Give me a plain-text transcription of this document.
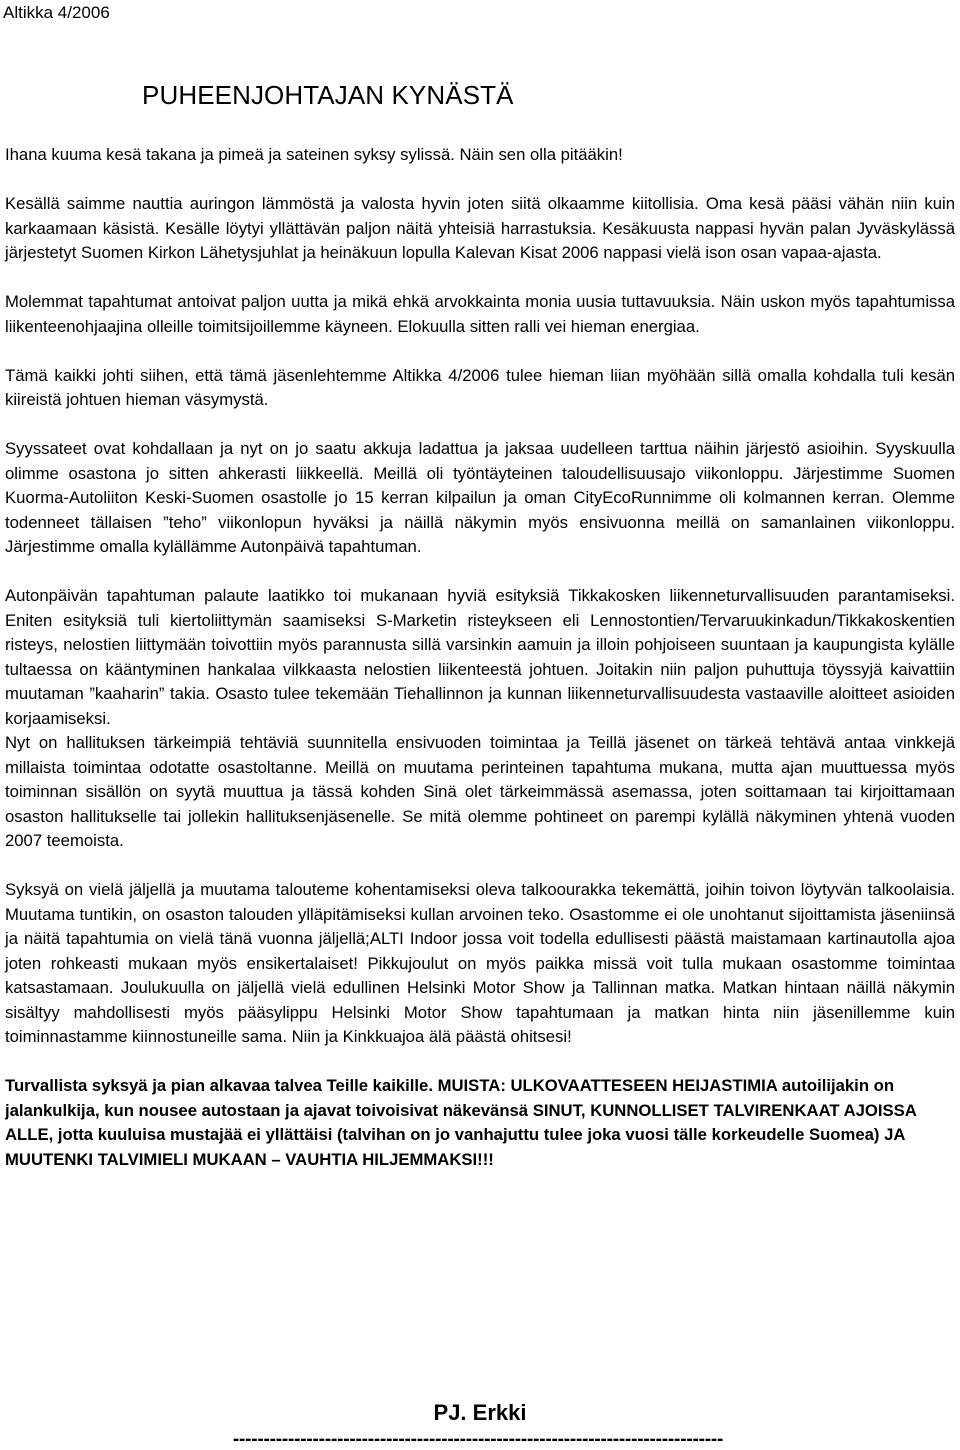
Altikka 4/2006
PUHEENJOHTAJAN KYNÄSTÄ

Ihana kuuma kesä takana ja pimeä ja sateinen syksy sylissä. Näin sen olla pitääkin!

Kesällä saimme nauttia auringon lämmöstä ja valosta hyvin joten siitä olkaamme kiitollisia. Oma kesä pääsi vähän niin kuin karkaamaan käsistä. Kesälle löytyi yllättävän paljon näitä yhteisiä harrastuksia. Kesäkuusta nappasi hyvän palan Jyväskylässä järjestetyt Suomen Kirkon Lähetysjuhlat ja heinäkuun lopulla Kalevan Kisat 2006 nappasi vielä ison osan vapaa-ajasta.

Molemmat tapahtumat antoivat paljon uutta ja mikä ehkä arvokkainta monia uusia tuttavuuksia. Näin uskon myös tapahtumissa liikenteenohjaajina olleille toimitsijoillemme käyneen. Elokuulla sitten ralli vei hieman energiaa.

Tämä kaikki johti siihen, että tämä jäsenlehtemme Altikka 4/2006 tulee hieman liian myöhään sillä omalla kohdalla tuli kesän kiireistä johtuen hieman väsymystä.

Syyssateet ovat kohdallaan ja nyt on jo saatu akkuja ladattua ja jaksaa uudelleen tarttua näihin järjestö asioihin. Syyskuulla olimme osastona jo sitten ahkerasti liikkeellä. Meillä oli työntäyteinen taloudellisuusajo viikonloppu. Järjestimme Suomen Kuorma-Autoliiton Keski-Suomen osastolle jo 15 kerran kilpailun ja oman CityEcoRunnimme oli kolmannen kerran. Olemme todenneet tällaisen ”teho” viikonlopun hyväksi ja näillä näkymin myös ensivuonna meillä on samanlainen viikonloppu. Järjestimme omalla kylällämme Autonpäivä tapahtuman.

Autonpäivän tapahtuman palaute laatikko toi mukanaan hyviä esityksiä Tikkakosken liikenneturvallisuuden parantamiseksi. Eniten esityksiä tuli kiertoliittymän saamiseksi S-Marketin risteykseen eli Lennostontien/Tervaruukinkadun/Tikkakoskentien risteys, nelostien liittymään toivottiin myös parannusta sillä varsinkin aamuin ja illoin pohjoiseen suuntaan ja kaupungista kylälle tultaessa on kääntyminen hankalaa vilkkaasta nelostien liikenteestä johtuen. Joitakin niin paljon puhuttuja töyssyjä kaivattiin muutaman ”kaaharin” takia. Osasto tulee tekemään Tiehallinnon ja kunnan liikenneturvallisuudesta vastaaville aloitteet asioiden korjaamiseksi.

Nyt on hallituksen tärkeimpiä tehtäviä suunnitella ensivuoden toimintaa ja Teillä jäsenet on tärkeä tehtävä antaa vinkkejä millaista toimintaa odotatte osastoltanne. Meillä on muutama perinteinen tapahtuma mukana, mutta ajan muuttuessa myös toiminnan sisällön on syytä muuttua ja tässä kohden Sinä olet tärkeimmässä asemassa, joten soittamaan tai kirjoittamaan osaston hallitukselle tai jollekin hallituksenjäsenelle. Se mitä olemme pohtineet on parempi kylällä näkyminen yhtenä vuoden 2007 teemoista.

Syksyä on vielä jäljellä ja muutama talouteme kohentamiseksi oleva talkoourakka tekemättä, joihin toivon löytyvän talkoolaisia. Muutama tuntikin, on osaston talouden ylläpitämiseksi kullan arvoinen teko. Osastomme ei ole unohtanut sijoittamista jäseniinsä ja näitä tapahtumia on vielä tänä vuonna jäljellä;ALTI Indoor jossa voit todella edullisesti päästä maistamaan kartinautolla ajoa joten rohkeasti mukaan myös ensikertalaiset! Pikkujoulut on myös paikka missä voit tulla mukaan osastomme toimintaa katsastamaan. Joulukuulla on jäljellä vielä edullinen Helsinki Motor Show ja Tallinnan matka. Matkan hintaan näillä näkymin sisältyy mahdollisesti myös pääsylippu Helsinki Motor Show tapahtumaan ja matkan hinta niin jäsenillemme kuin toiminnastamme kiinnostuneille sama. Niin ja Kinkkuajoa älä päästä ohitsesi!

Turvallista syksyä ja pian alkavaa talvea Teille kaikille. MUISTA: ULKOVAATTESEEN HEIJASTIMIA autoilijakin on jalankulkija, kun nousee autostaan ja ajavat toivoisivat näkevänsä SINUT, KUNNOLLISET TALVIRENKAAT AJOISSA ALLE, jotta kuuluisa mustajää ei yllättäisi (talvihan on jo vanhajuttu tulee joka vuosi tälle korkeudelle Suomea) JA MUUTENKI TALVIMIELI MUKAAN – VAUHTIA HILJEMMAKSI!!!

PJ. Erkki
--------------------------------------------------------------------------------
